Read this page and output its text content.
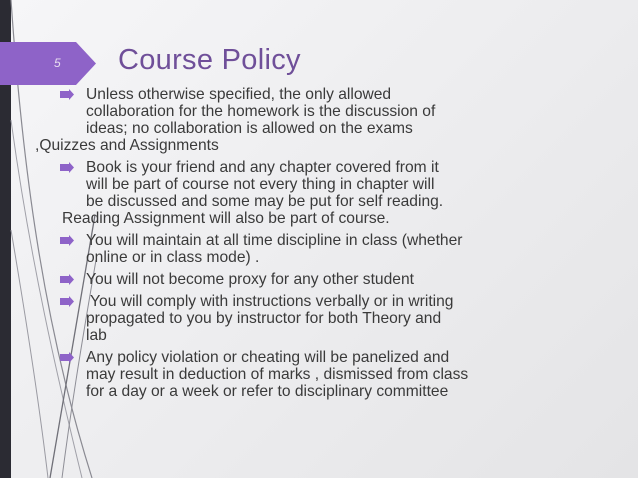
5	Course Policy
Unless otherwise specified, the only allowed
collaboration for the homework is the discussion of
ideas; no collaboration is allowed on the exams
,Quizzes and Assignments
Book is your friend and any chapter covered from it
will be part of course not every thing in chapter will
be discussed and some may be put for self reading.
Reading Assignment will also be part of course.
You will maintain at all time discipline in class (whether
online or in class mode) .
You will not become proxy for any other student
You will comply with instructions verbally or in writing
propagated to you by instructor for both Theory and
lab
Any policy violation or cheating will be panelized and
may result in deduction of marks , dismissed from class
for a day or a week or refer to disciplinary committee
